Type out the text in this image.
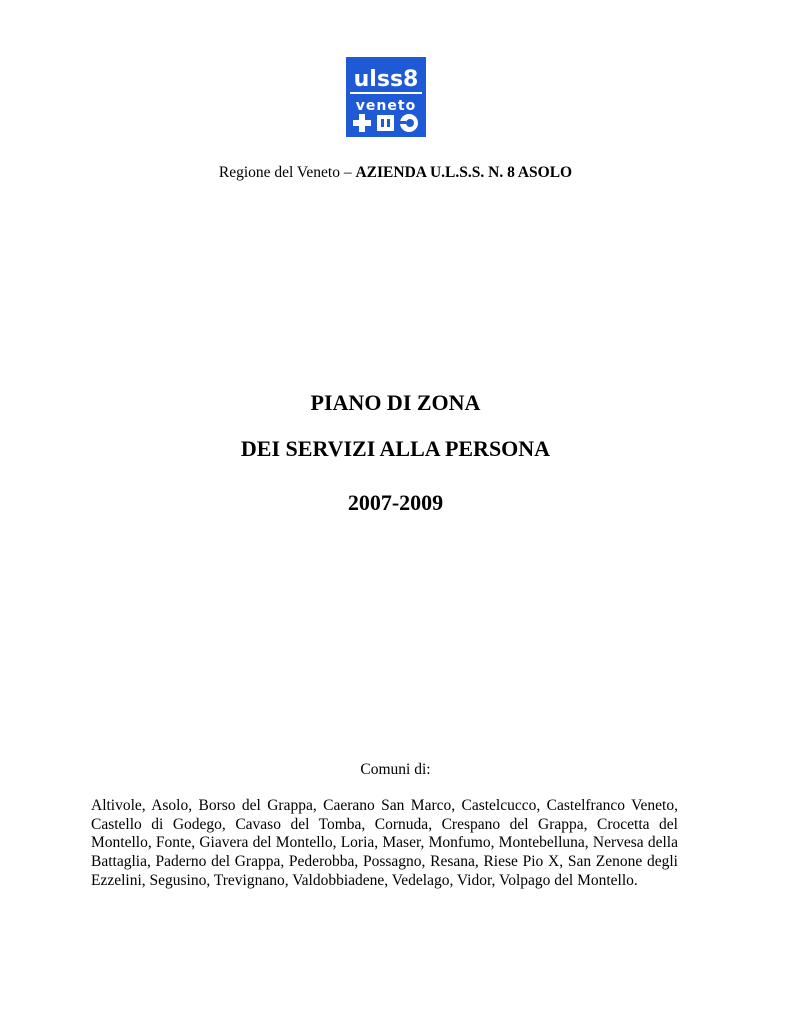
ulss8
veneto
Regione del Veneto – AZIENDA U.L.S.S. N. 8 ASOLO
PIANO DI ZONA
DEI SERVIZI ALLA PERSONA
2007-2009
Comuni di:
Altivole, Asolo, Borso del Grappa, Caerano San Marco, Castelcucco, Castelfranco Veneto, Castello di Godego, Cavaso del Tomba, Cornuda, Crespano del Grappa, Crocetta del Montello, Fonte, Giavera del Montello, Loria, Maser, Monfumo, Montebelluna, Nervesa della Battaglia, Paderno del Grappa, Pederobba, Possagno, Resana, Riese Pio X, San Zenone degli Ezzelini, Segusino, Trevignano, Valdobbiadene, Vedelago, Vidor, Volpago del Montello.
